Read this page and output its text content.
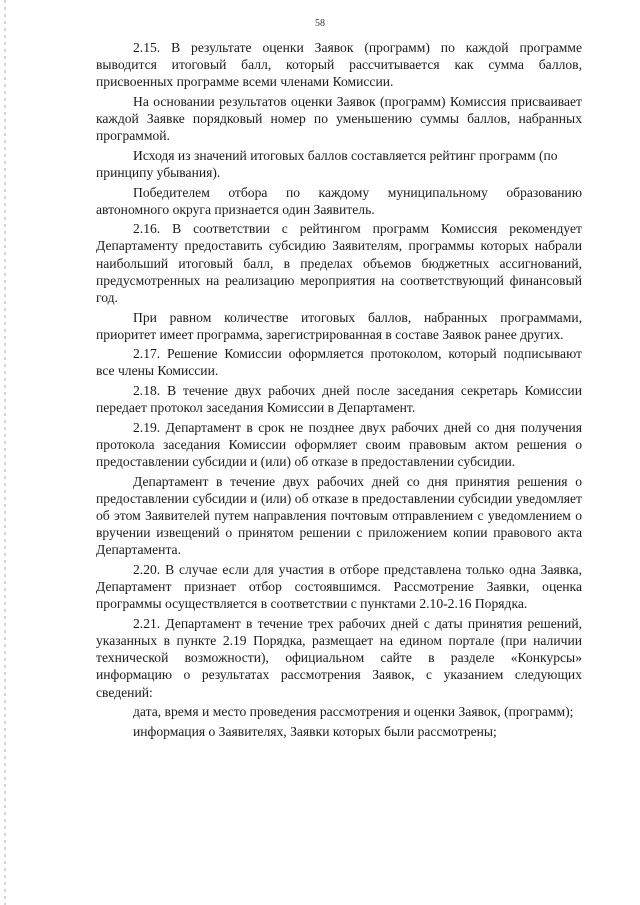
58

2.15. В результате оценки Заявок (программ) по каждой программе выводится итоговый балл, который рассчитывается как сумма баллов, присвоенных программе всеми членами Комиссии.

На основании результатов оценки Заявок (программ) Комиссия присваивает каждой Заявке порядковый номер по уменьшению суммы баллов, набранных программой.

Исходя из значений итоговых баллов составляется рейтинг программ (по принципу убывания).

Победителем отбора по каждому муниципальному образованию автономного округа признается один Заявитель.

2.16. В соответствии с рейтингом программ Комиссия рекомендует Департаменту предоставить субсидию Заявителям, программы которых набрали наибольший итоговый балл, в пределах объемов бюджетных ассигнований, предусмотренных на реализацию мероприятия на соответствующий финансовый год.

При равном количестве итоговых баллов, набранных программами, приоритет имеет программа, зарегистрированная в составе Заявок ранее других.

2.17. Решение Комиссии оформляется протоколом, который подписывают все члены Комиссии.

2.18. В течение двух рабочих дней после заседания секретарь Комиссии передает протокол заседания Комиссии в Департамент.

2.19. Департамент в срок не позднее двух рабочих дней со дня получения протокола заседания Комиссии оформляет своим правовым актом решения о предоставлении субсидии и (или) об отказе в предоставлении субсидии.

Департамент в течение двух рабочих дней со дня принятия решения о предоставлении субсидии и (или) об отказе в предоставлении субсидии уведомляет об этом Заявителей путем направления почтовым отправлением с уведомлением о вручении извещений о принятом решении с приложением копии правового акта Департамента.

2.20. В случае если для участия в отборе представлена только одна Заявка, Департамент признает отбор состоявшимся. Рассмотрение Заявки, оценка программы осуществляется в соответствии с пунктами 2.10-2.16 Порядка.

2.21. Департамент в течение трех рабочих дней с даты принятия решений, указанных в пункте 2.19 Порядка, размещает на едином портале (при наличии технической возможности), официальном сайте в разделе «Конкурсы» информацию о результатах рассмотрения Заявок, с указанием следующих сведений:

дата, время и место проведения рассмотрения и оценки Заявок, (программ);

информация о Заявителях, Заявки которых были рассмотрены;
